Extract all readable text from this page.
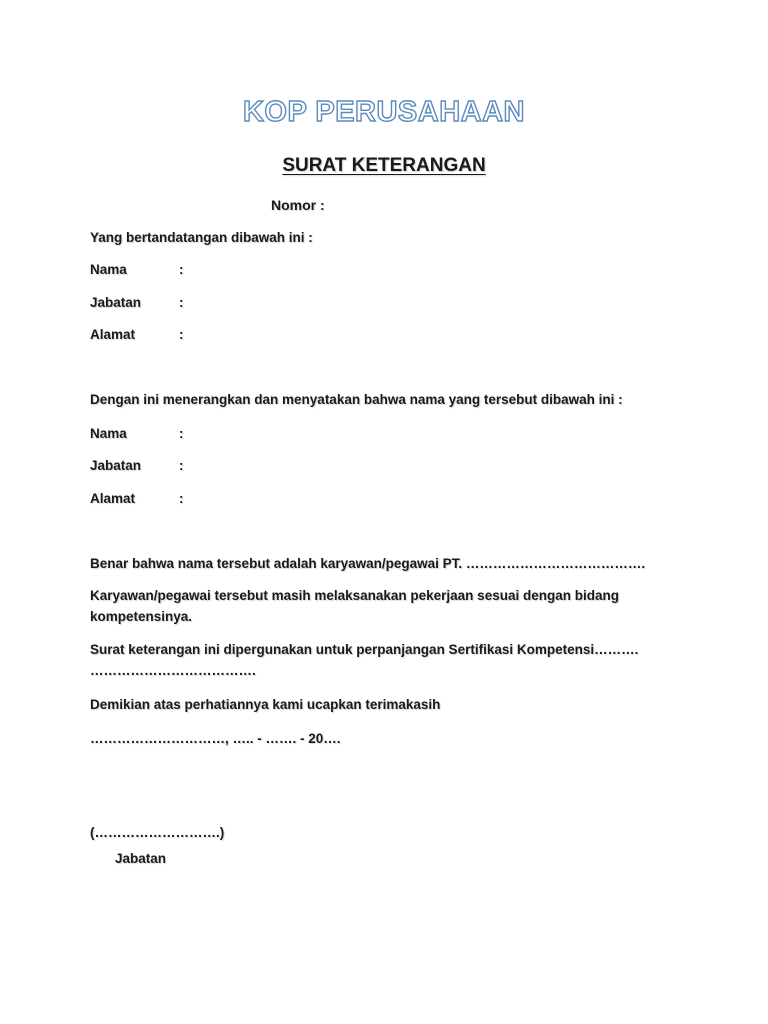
KOP PERUSAHAAN
SURAT KETERANGAN
Nomor :
Yang bertandatangan dibawah ini :
Nama	:
Jabatan	:
Alamat	:
Dengan ini menerangkan dan menyatakan bahwa nama yang tersebut dibawah ini :
Nama	:
Jabatan	:
Alamat	:
Benar bahwa nama tersebut adalah karyawan/pegawai PT. ………………………………….
Karyawan/pegawai tersebut masih melaksanakan pekerjaan sesuai dengan bidang
kompetensinya.
Surat keterangan ini dipergunakan untuk perpanjangan Sertifikasi Kompetensi……….
……………………………….
Demikian atas perhatiannya kami ucapkan terimakasih
…………………………, ….. - ……. - 20….
(……………………….)
Jabatan
